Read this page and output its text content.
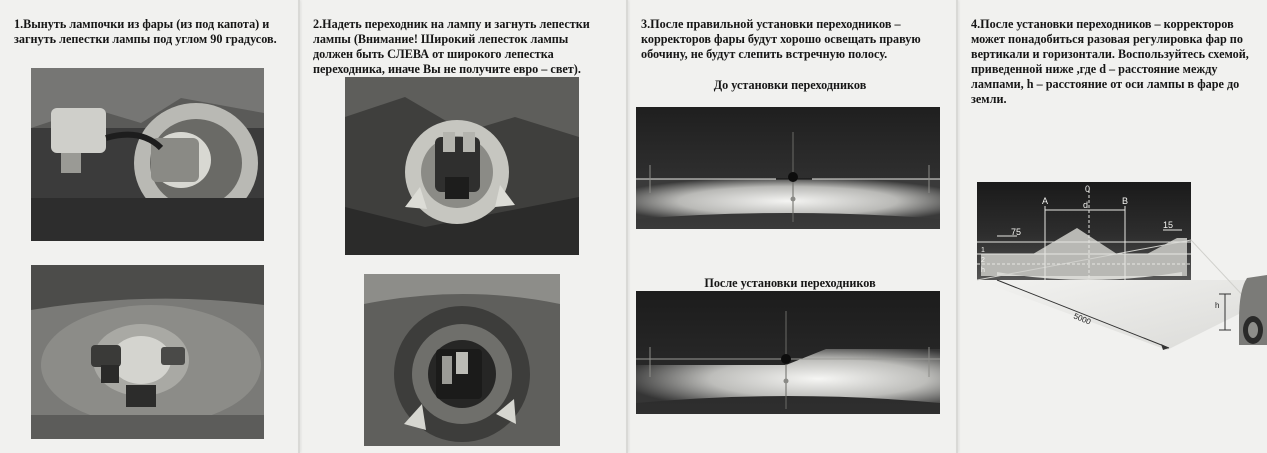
1.Вынуть лампочки из фары (из под капота) и загнуть лепестки лампы под углом 90 градусов.

2.Надеть переходник на лампу и загнуть лепестки лампы (Внимание! Широкий лепесток лампы должен быть СЛЕВА от широкого лепестка переходника, иначе Вы не получите евро – свет).

3.После правильной установки переходников – корректоров фары будут хорошо освещать правую обочину, не будут слепить встречную полосу.

До установки переходников

После установки переходников

4.После установки переходников – корректоров может понадобиться разовая регулировка фар по вертикали и горизонтали. Воспользуйтесь схемой, приведенной ниже ,где d – расстояние между лампами, h – расстояние от оси лампы в фаре до земли.

0
A	B
d
75
15
1
2
h
5000
h
